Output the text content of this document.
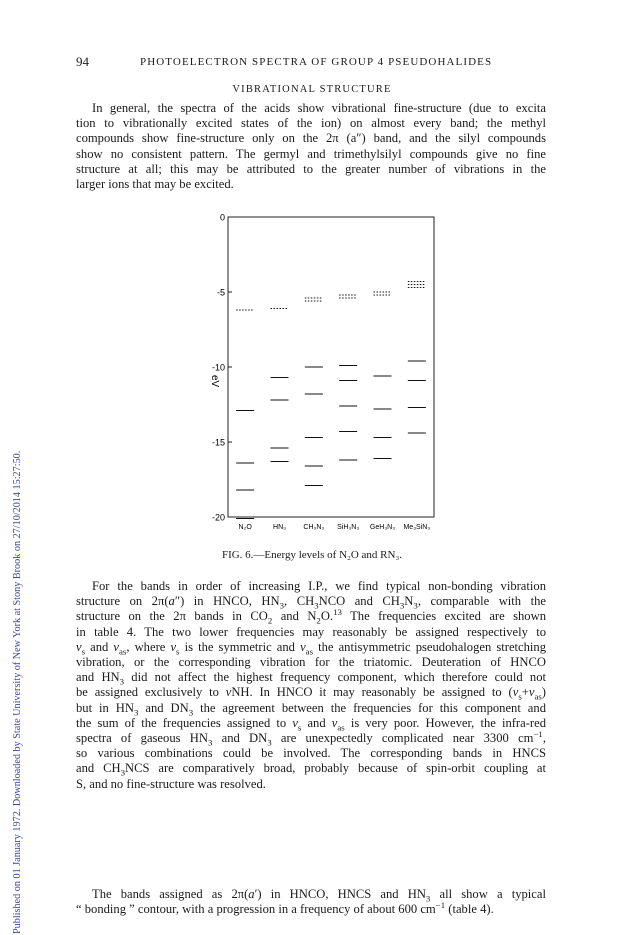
Published on 01 January 1972. Downloaded by State University of New York at Stony Brook on 27/10/2014 15:27:50.
94	PHOTOELECTRON SPECTRA OF GROUP 4 PSEUDOHALIDES
VIBRATIONAL STRUCTURE

In general, the spectra of the acids show vibrational fine-structure (due to excita
tion to vibrationally excited states of the ion) on almost every band; the methyl
compounds show fine-structure only on the 2π (a″) band, and the silyl compounds
show no consistent pattern. The germyl and trimethylsilyl compounds give no fine
structure at all; this may be attributed to the greater number of vibrations in the
larger ions that may be excited.

eV
0
-5
-10
-15
-20
N₂O	HN₃ CH₃N₃ SiH₃N₃ GeH₃N₃ Me₃SiN₃
FIG. 6.—Energy levels of N₂O and RN₃.

For the bands in order of increasing I.P., we find typical non-bonding vibration
structure on 2π(a″) in HNCO, $HN_3$, $CH_3NCO$ and $CH_3N_3$, comparable with the
structure on the 2π bands in $CO_2$ and $N_2O.^{13}$ The frequencies excited are shown
in table 4. The two lower frequencies may reasonably be assigned respectively to
$\nu_s$ and $\nu_{as}$, where $\nu_s$ is the symmetric and $\nu_{as}$ the antisymmetric pseudohalogen stretching
vibration, or the corresponding vibration for the triatomic. Deuteration of HNCO
and $HN_3$ did not affect the highest frequency component, which therefore could not
be assigned exclusively to νNH. In HNCO it may reasonably be assigned to $(\nu_s+\nu_{as})$
but in $HN_3$ and $DN_3$ the agreement between the frequencies for this component and
the sum of the frequencies assigned to $\nu_s$ and $\nu_{as}$ is very poor. However, the infra-red
spectra of gaseous $HN_3$ and $DN_3$ are unexpectedly complicated near 3300 $cm^{-1}$,
so various combinations could be involved. The corresponding bands in HNCS
and $CH_3NCS$ are comparatively broad, probably because of spin-orbit coupling at
S, and no fine-structure was resolved.

The bands assigned as 2π(a′) in HNCO, HNCS and $HN_3$ all show a typical
“ bonding ” contour, with a progression in a frequency of about 600 $cm^{-1}$ (table 4).
